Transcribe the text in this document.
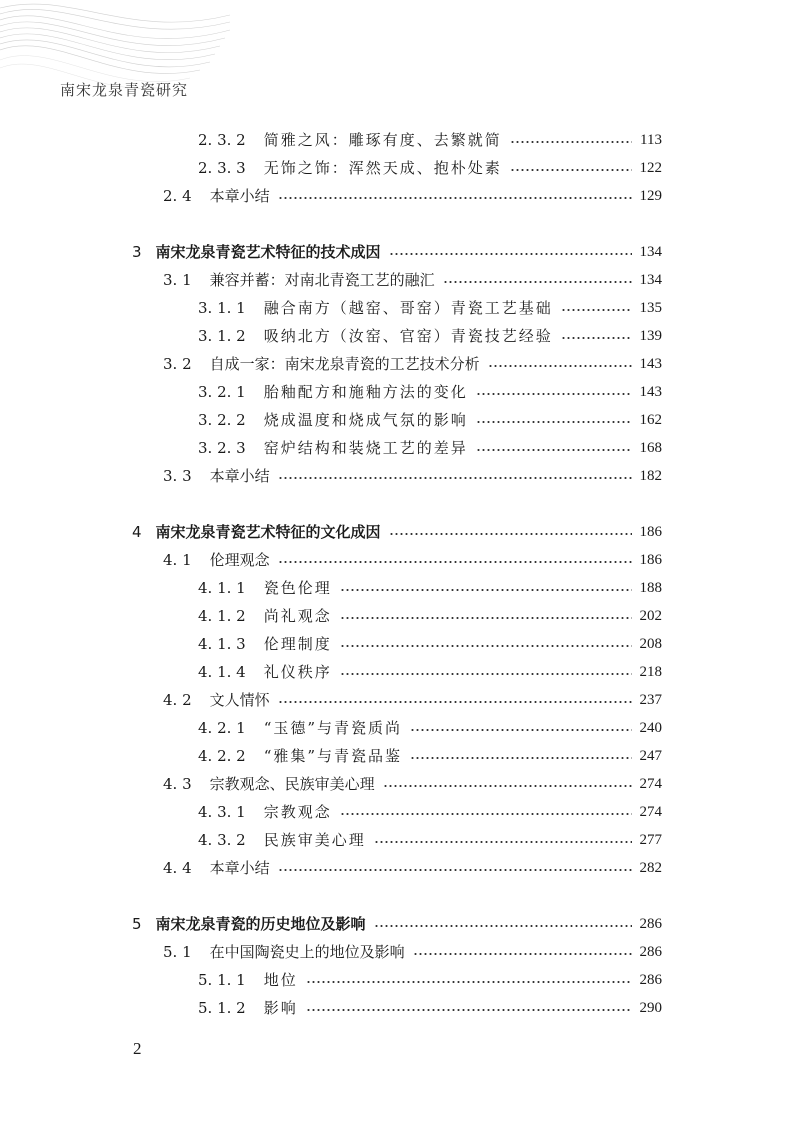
南宋龙泉青瓷研究
2. 3. 2 简雅之风：雕琢有度、去繁就简	113
2. 3. 3 无饰之饰：浑然天成、抱朴处素	122
2. 4 本章小结	129
3 南宋龙泉青瓷艺术特征的技术成因	134
3. 1 兼容并蓄：对南北青瓷工艺的融汇	134
3. 1. 1 融合南方（越窑、哥窑）青瓷工艺基础	135
3. 1. 2 吸纳北方（汝窑、官窑）青瓷技艺经验	139
3. 2 自成一家：南宋龙泉青瓷的工艺技术分析	143
3. 2. 1 胎釉配方和施釉方法的变化	143
3. 2. 2 烧成温度和烧成气氛的影响	162
3. 2. 3 窑炉结构和装烧工艺的差异	168
3. 3 本章小结	182
4 南宋龙泉青瓷艺术特征的文化成因	186
4. 1 伦理观念	186
4. 1. 1 瓷色伦理	188
4. 1. 2 尚礼观念	202
4. 1. 3 伦理制度	208
4. 1. 4 礼仪秩序	218
4. 2 文人情怀	237
4. 2. 1 “玉德”与青瓷质尚	240
4. 2. 2 “雅集”与青瓷品鉴	247
4. 3 宗教观念、民族审美心理	274
4. 3. 1 宗教观念	274
4. 3. 2 民族审美心理	277
4. 4 本章小结	282
5 南宋龙泉青瓷的历史地位及影响	286
5. 1 在中国陶瓷史上的地位及影响	286
5. 1. 1 地位	286
5. 1. 2 影响	290
2
